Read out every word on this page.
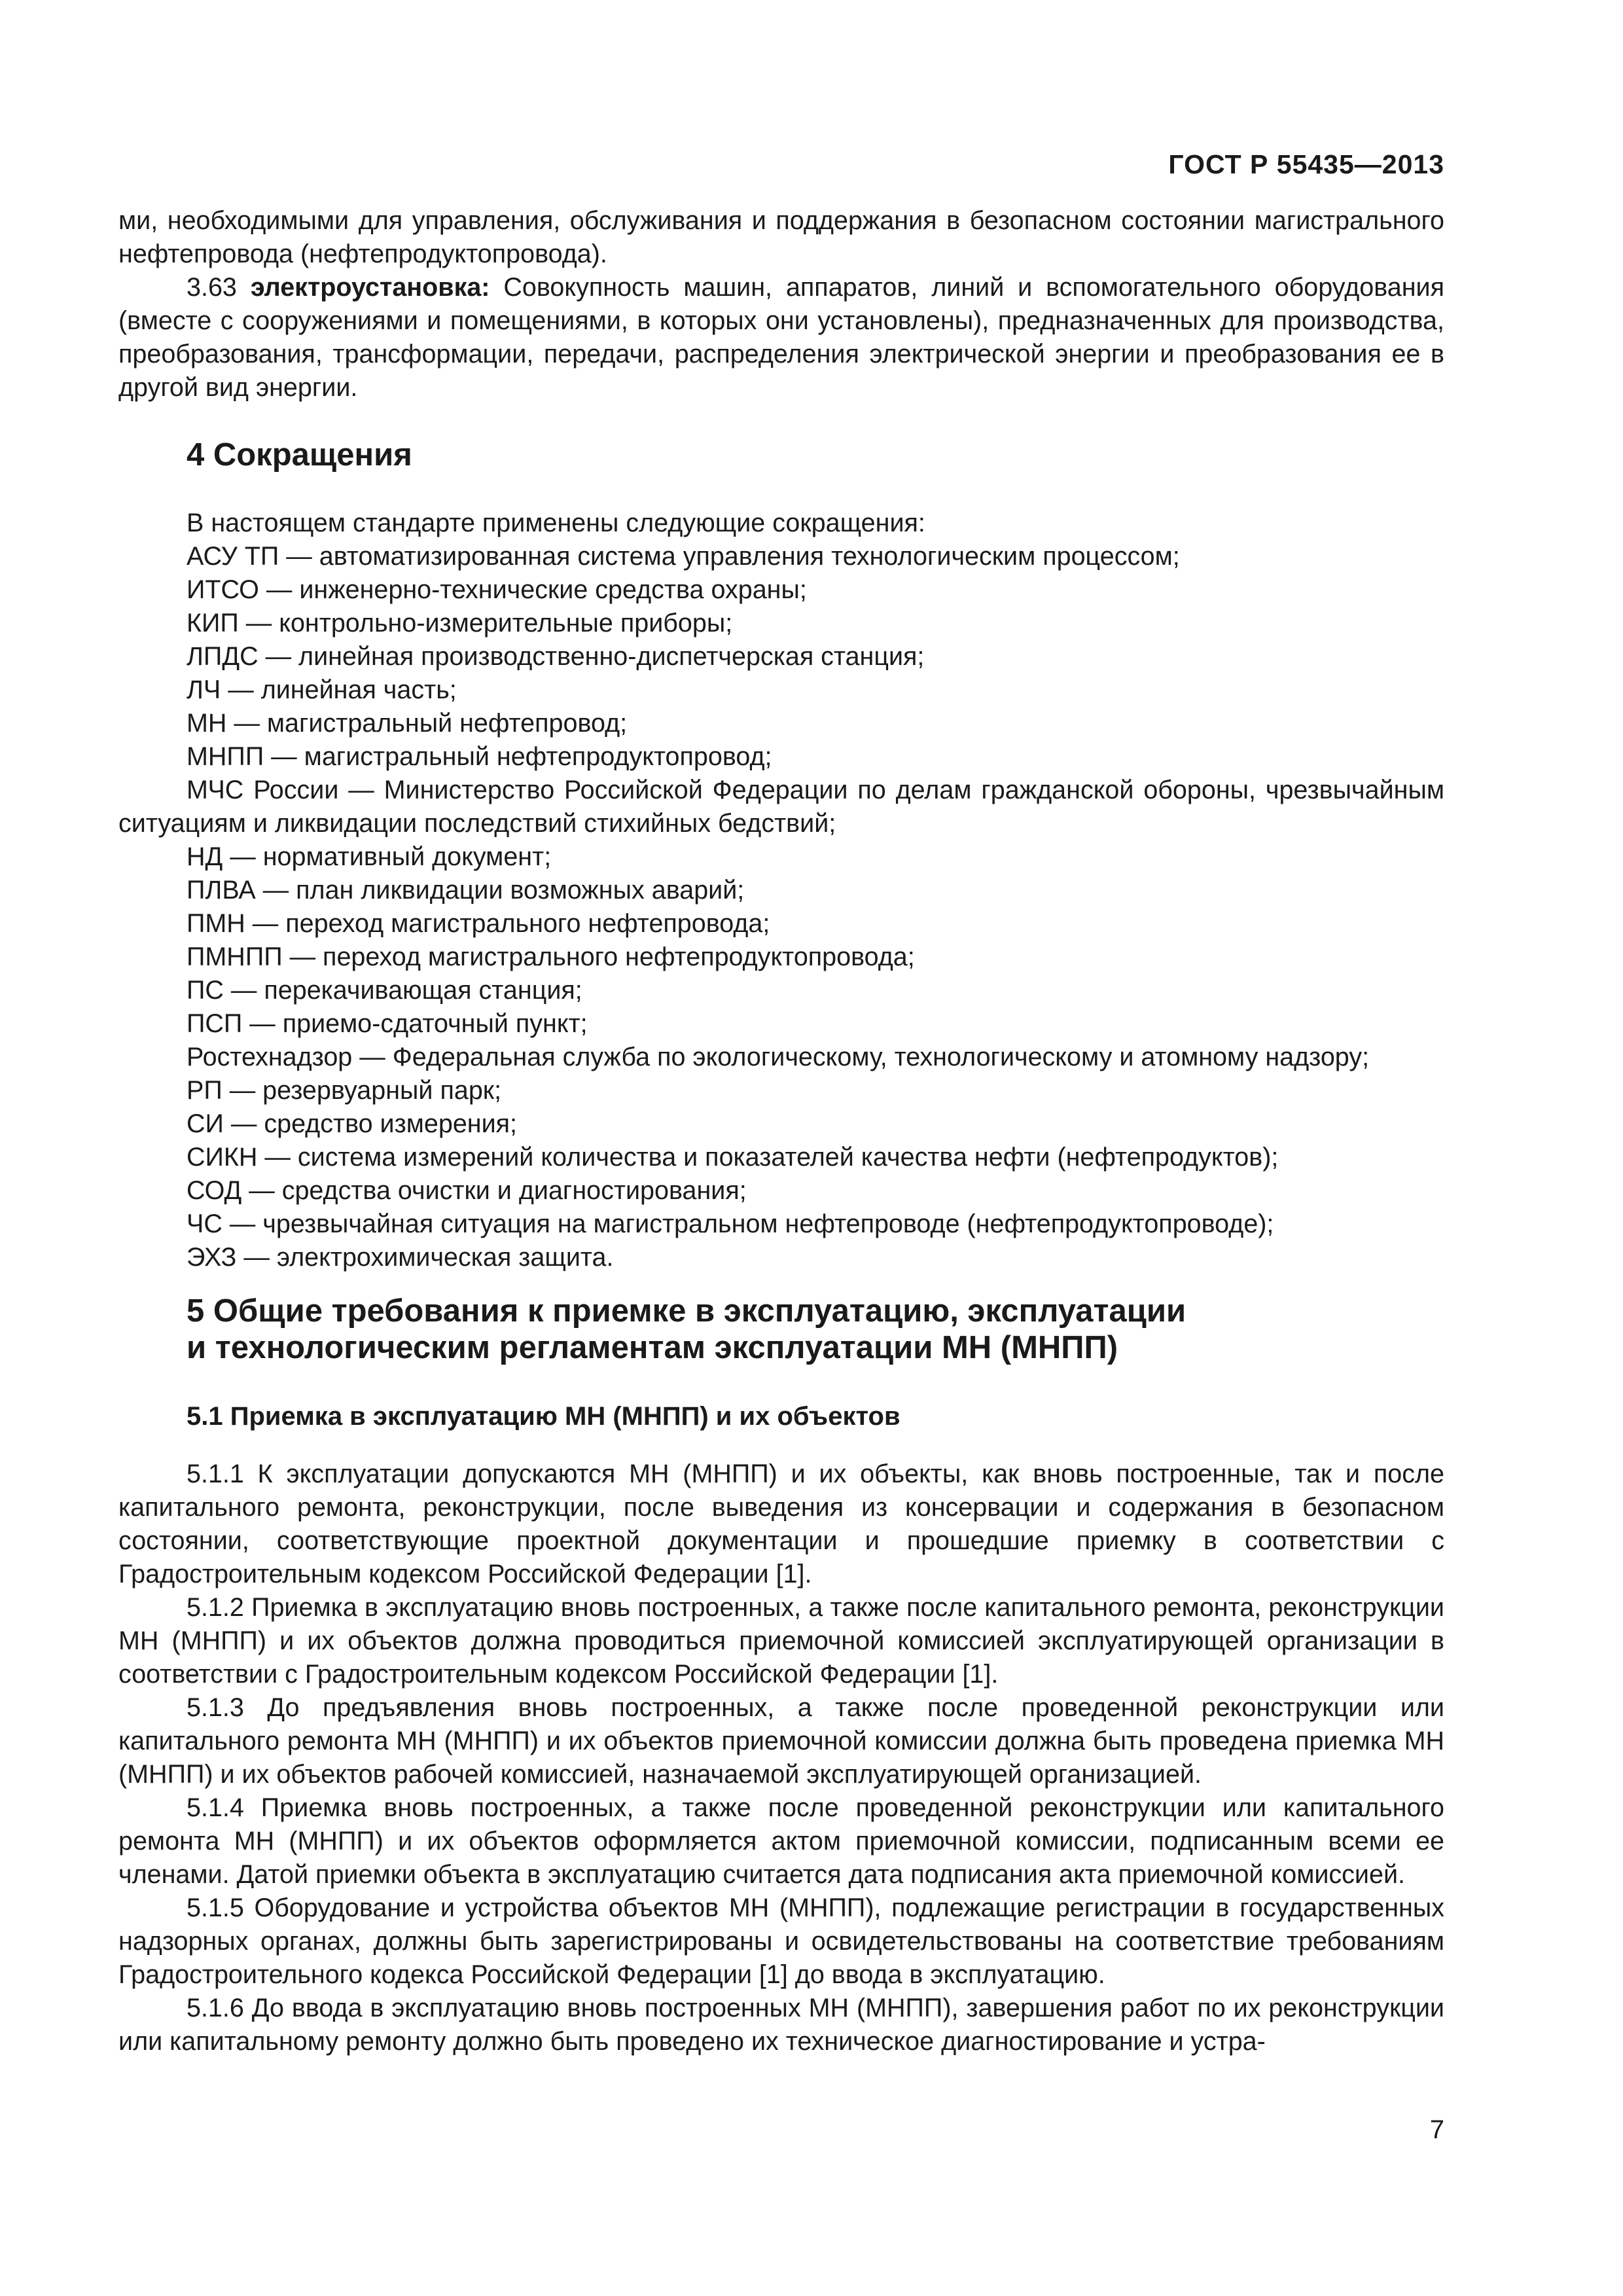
ГОСТ Р 55435—2013

ми, необходимыми для управления, обслуживания и поддержания в безопасном состоянии магистрального нефтепровода (нефтепродуктопровода).

3.63 электроустановка: Совокупность машин, аппаратов, линий и вспомогательного оборудования (вместе с сооружениями и помещениями, в которых они установлены), предназначенных для производства, преобразования, трансформации, передачи, распределения электрической энергии и преобразования ее в другой вид энергии.

4 Сокращения

В настоящем стандарте применены следующие сокращения:

АСУ ТП — автоматизированная система управления технологическим процессом;

ИТСО — инженерно-технические средства охраны;

КИП — контрольно-измерительные приборы;

ЛПДС — линейная производственно-диспетчерская станция;

ЛЧ — линейная часть;

МН — магистральный нефтепровод;

МНПП — магистральный нефтепродуктопровод;

МЧС России — Министерство Российской Федерации по делам гражданской обороны, чрезвычайным ситуациям и ликвидации последствий стихийных бедствий;

НД — нормативный документ;

ПЛВА — план ликвидации возможных аварий;

ПМН — переход магистрального нефтепровода;

ПМНПП — переход магистрального нефтепродуктопровода;

ПС — перекачивающая станция;

ПСП — приемо-сдаточный пункт;

Ростехнадзор — Федеральная служба по экологическому, технологическому и атомному надзору;

РП — резервуарный парк;

СИ — средство измерения;

СИКН — система измерений количества и показателей качества нефти (нефтепродуктов);

СОД — средства очистки и диагностирования;

ЧС — чрезвычайная ситуация на магистральном нефтепроводе (нефтепродуктопроводе);

ЭХЗ — электрохимическая защита.

5 Общие требования к приемке в эксплуатацию, эксплуатации

и технологическим регламентам эксплуатации МН (МНПП)

5.1 Приемка в эксплуатацию МН (МНПП) и их объектов

5.1.1 К эксплуатации допускаются МН (МНПП) и их объекты, как вновь построенные, так и после капитального ремонта, реконструкции, после выведения из консервации и содержания в безопасном состоянии, соответствующие проектной документации и прошедшие приемку в соответствии с Градостроительным кодексом Российской Федерации [1].

5.1.2 Приемка в эксплуатацию вновь построенных, а также после капитального ремонта, реконструкции МН (МНПП) и их объектов должна проводиться приемочной комиссией эксплуатирующей организации в соответствии с Градостроительным кодексом Российской Федерации [1].

5.1.3 До предъявления вновь построенных, а также после проведенной реконструкции или капитального ремонта МН (МНПП) и их объектов приемочной комиссии должна быть проведена приемка МН (МНПП) и их объектов рабочей комиссией, назначаемой эксплуатирующей организацией.

5.1.4 Приемка вновь построенных, а также после проведенной реконструкции или капитального ремонта МН (МНПП) и их объектов оформляется актом приемочной комиссии, подписанным всеми ее членами. Датой приемки объекта в эксплуатацию считается дата подписания акта приемочной комиссией.

5.1.5 Оборудование и устройства объектов МН (МНПП), подлежащие регистрации в государственных надзорных органах, должны быть зарегистрированы и освидетельствованы на соответствие требованиям Градостроительного кодекса Российской Федерации [1] до ввода в эксплуатацию.

5.1.6 До ввода в эксплуатацию вновь построенных МН (МНПП), завершения работ по их реконструкции или капитальному ремонту должно быть проведено их техническое диагностирование и устра-

7
